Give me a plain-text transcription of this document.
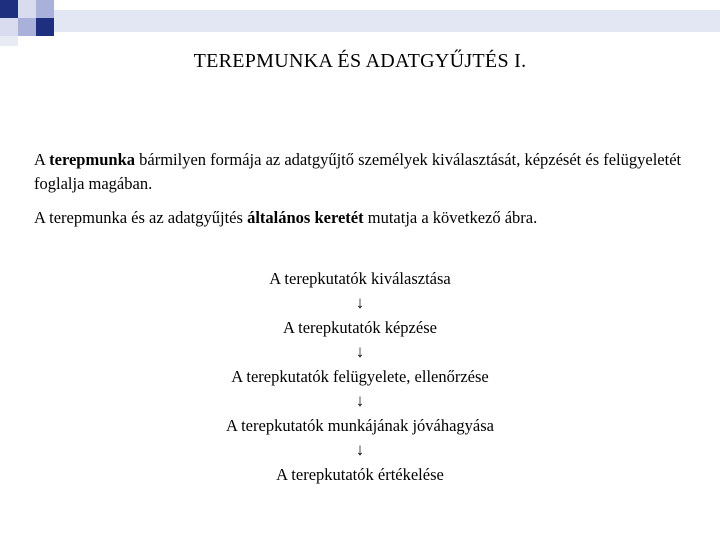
TEREPMUNKA ÉS ADATGYŰJTÉS I.
A terepmunka bármilyen formája az adatgyűjtő személyek kiválasztását, képzését és felügyeletét foglalja magában.
A terepmunka és az adatgyűjtés általános keretét mutatja a következő ábra.
A terepkutatók kiválasztása
↓
A terepkutatók képzése
↓
A terepkutatók felügyelete, ellenőrzése
↓
A terepkutatók munkájának jóváhagyása
↓
A terepkutatók értékelése
